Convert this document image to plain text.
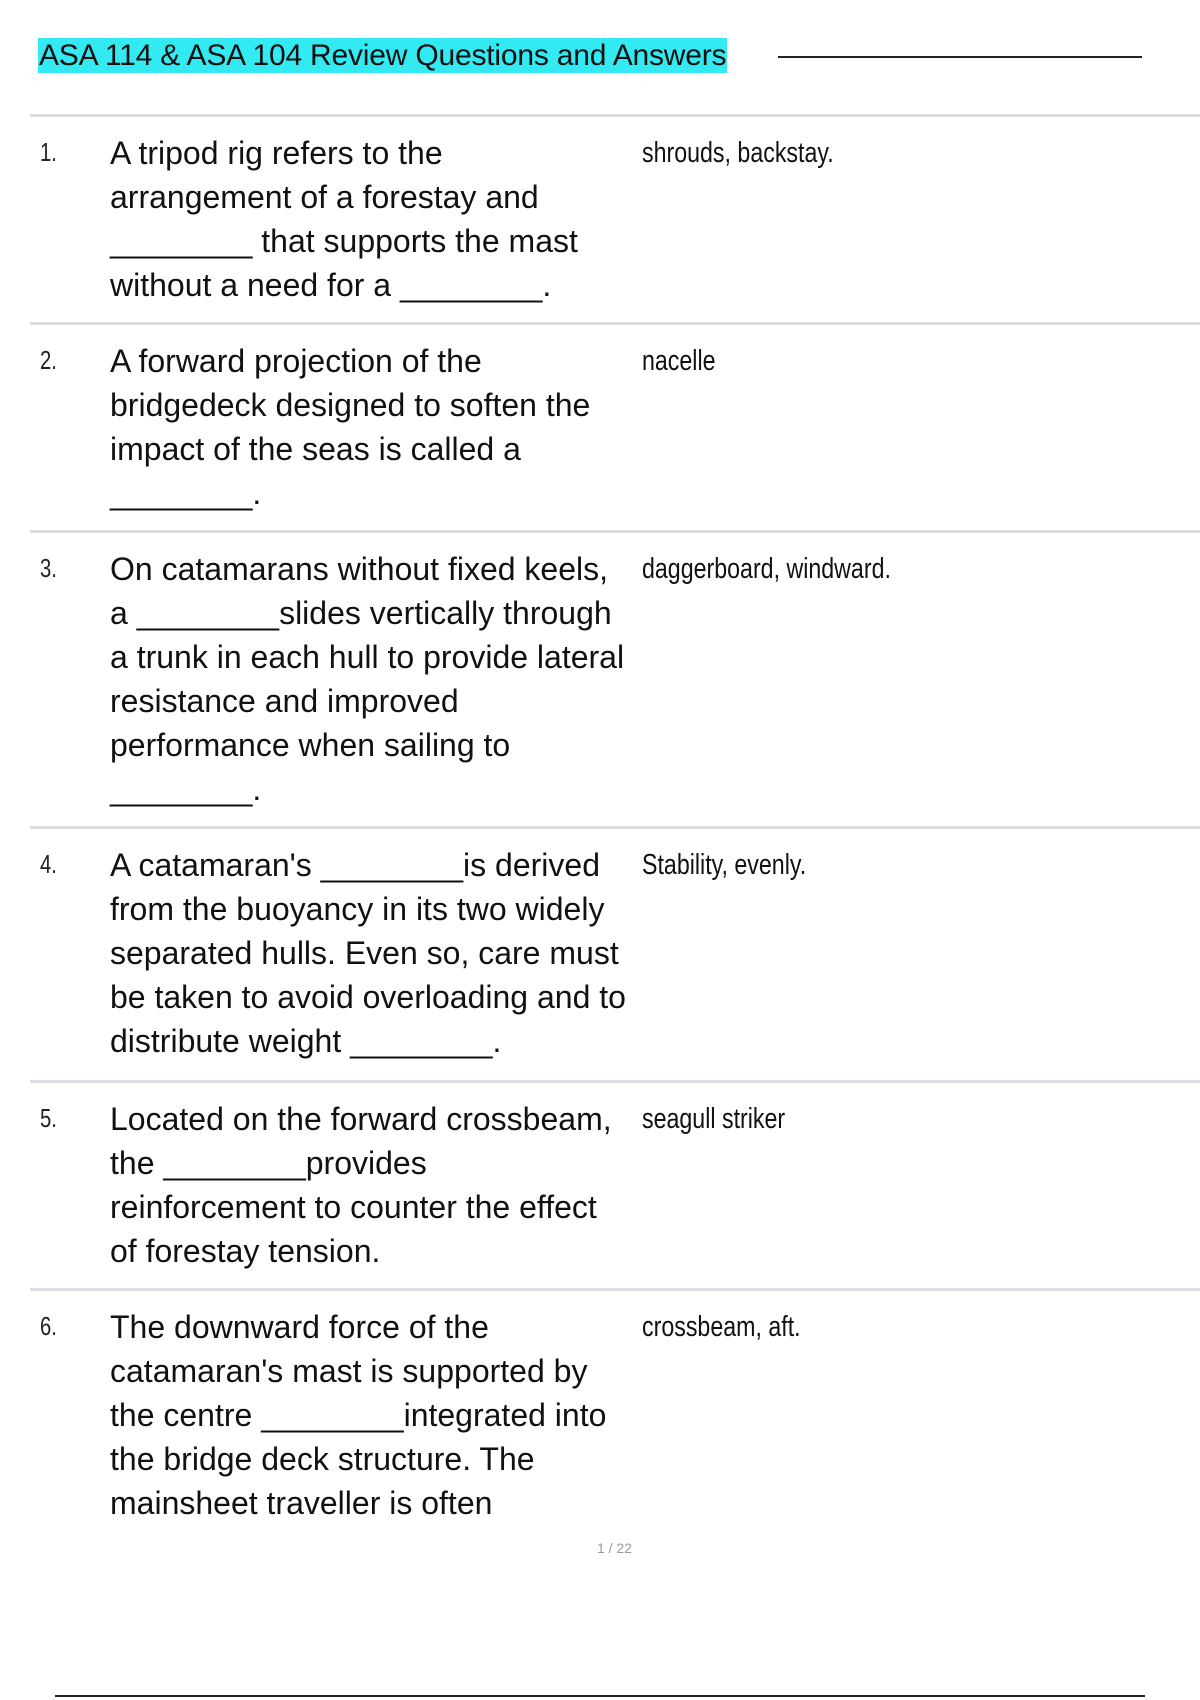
ASA 114 & ASA 104 Review Questions and Answers
1. A tripod rig refers to the arrangement of a forestay and ________ that supports the mast without a need for a ________.
shrouds, backstay.
2. A forward projection of the bridgedeck designed to soften the impact of the seas is called a ________.
nacelle
3. On catamarans without fixed keels, a ________slides vertically through a trunk in each hull to provide lateral resistance and improved performance when sailing to ________.
daggerboard, windward.
4. A catamaran's ________is derived from the buoyancy in its two widely separated hulls. Even so, care must be taken to avoid overloading and to distribute weight ________.
Stability, evenly.
5. Located on the forward crossbeam, the ________provides reinforcement to counter the effect of forestay tension.
seagull striker
6. The downward force of the catamaran's mast is supported by the centre ________integrated into the bridge deck structure. The mainsheet traveller is often
crossbeam, aft.
1 / 22
